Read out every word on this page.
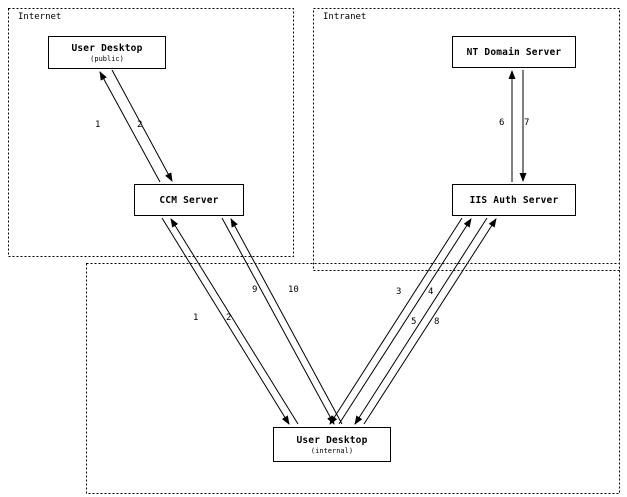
Internet	Intranet
User Desktop
(public)
CCM Server
NT Domain Server
IIS Auth Server
User Desktop
(internal)
1	2	6 7
9	10
1	2
3	4
5 8
